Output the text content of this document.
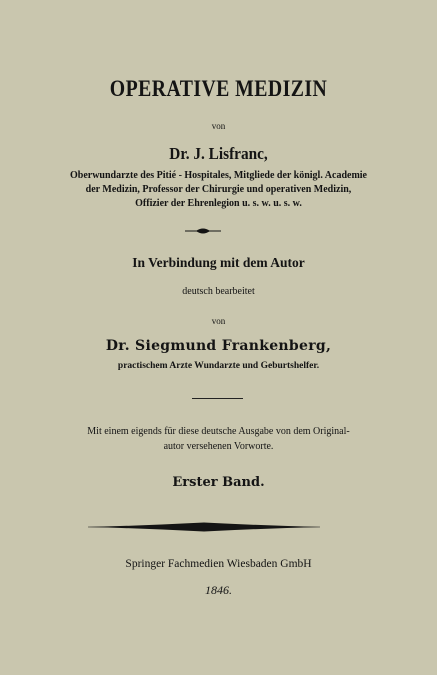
OPERATIVE MEDIZIN
von
Dr. J. Lisfranc,
Oberwundarzte des Pitié - Hospitales, Mitgliede der königl. Academie
der Medizin, Professor der Chirurgie und operativen Medizin,
Offizier der Ehrenlegion u. s. w. u. s. w.
In Verbindung mit dem Autor
deutsch bearbeitet
von
Dr. Siegmund Frankenberg,
practischem Arzte Wundarzte und Geburtshelfer.
Mit einem eigends für diese deutsche Ausgabe von dem Original-
autor versehenen Vorworte.
Erster Band.
Springer Fachmedien Wiesbaden GmbH
1846.
